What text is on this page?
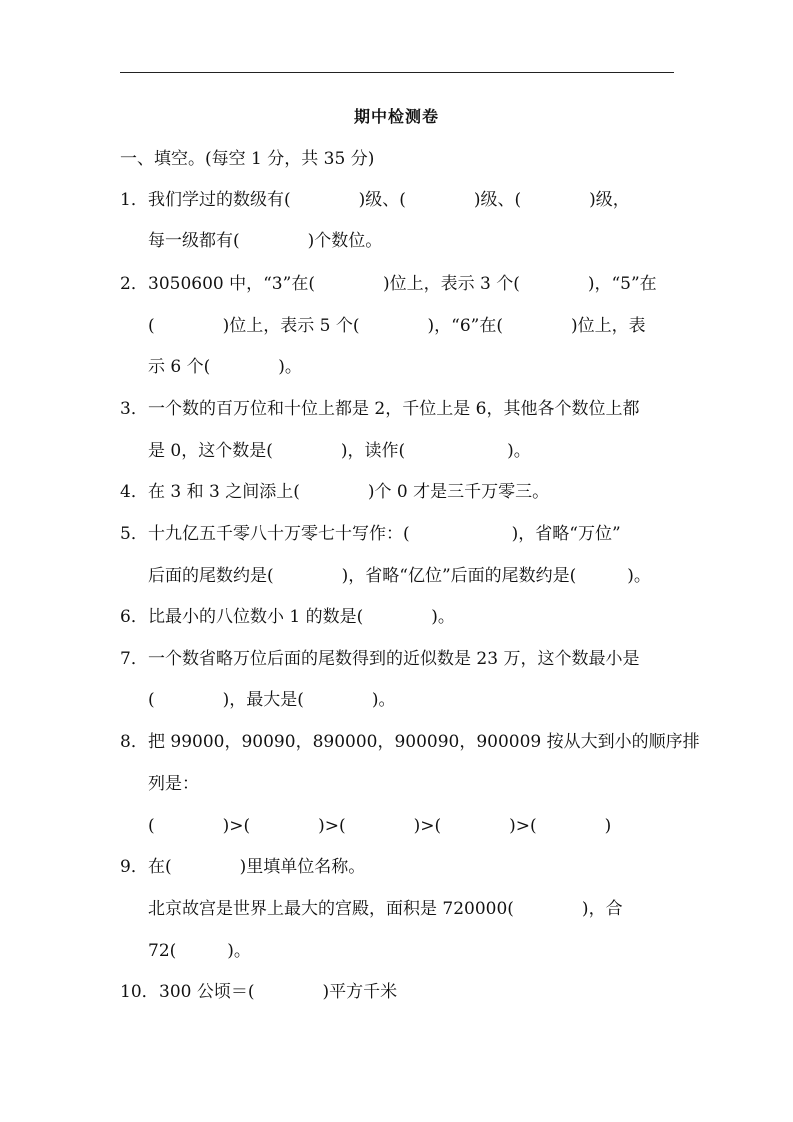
期中检测卷
一、填空。(每空 1 分，共 35 分)
1． 我们学过的数级有(　　　　)级、(　　　　)级、(　　　　)级，
每一级都有(　　　　)个数位。
2． 3050600 中，“3”在(　　　　)位上，表示 3 个(　　　　)，“5”在
(　　　　)位上，表示 5 个(　　　　)，“6”在(　　　　)位上，表
示 6 个(　　　　)。
3． 一个数的百万位和十位上都是 2，千位上是 6，其他各个数位上都
是 0，这个数是(　　　　)，读作(　　　　　　)。
4． 在 3 和 3 之间添上(　　　　)个 0 才是三千万零三。
5． 十九亿五千零八十万零七十写作：(　　　　　　)，省略“万位”
后面的尾数约是(　　　　)，省略“亿位”后面的尾数约是(　　　)。
6． 比最小的八位数小 1 的数是(　　　　)。
7． 一个数省略万位后面的尾数得到的近似数是 23 万，这个数最小是
(　　　　)，最大是(　　　　)。
8． 把 99000，90090，890000，900090，900009 按从大到小的顺序排
列是：
(　　　　)>(　　　　)>(　　　　)>(　　　　)>(　　　　)
9． 在(　　　　)里填单位名称。
北京故宫是世界上最大的宫殿，面积是 720000(　　　　)，合
72(　　　)。
10． 300 公顷＝(　　　　)平方千米
